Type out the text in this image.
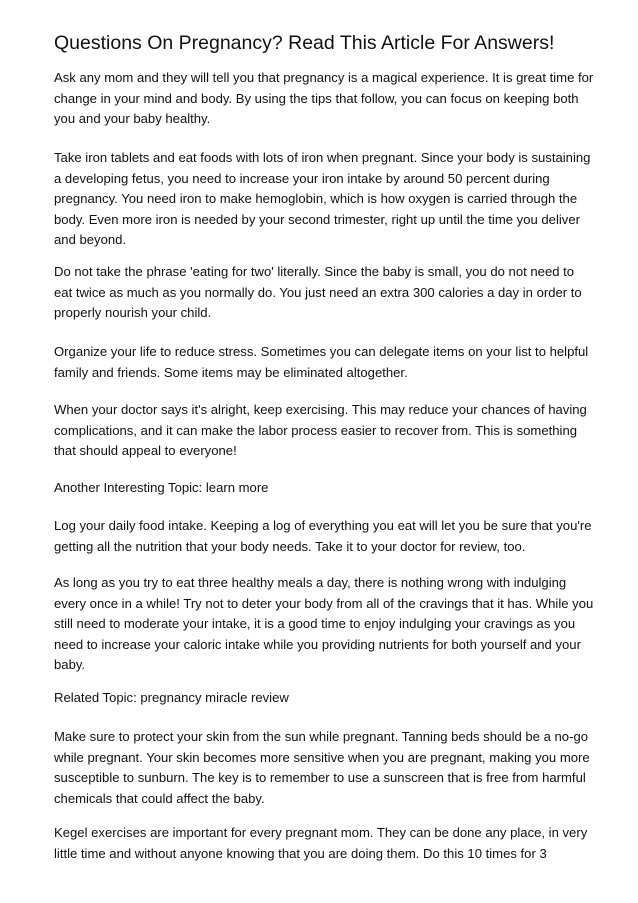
Questions On Pregnancy? Read This Article For Answers!

Ask any mom and they will tell you that pregnancy is a magical experience. It is great time for
change in your mind and body. By using the tips that follow, you can focus on keeping both
you and your baby healthy.

Take iron tablets and eat foods with lots of iron when pregnant. Since your body is sustaining
a developing fetus, you need to increase your iron intake by around 50 percent during
pregnancy. You need iron to make hemoglobin, which is how oxygen is carried through the
body. Even more iron is needed by your second trimester, right up until the time you deliver
and beyond.

Do not take the phrase 'eating for two' literally. Since the baby is small, you do not need to
eat twice as much as you normally do. You just need an extra 300 calories a day in order to
properly nourish your child.

Organize your life to reduce stress. Sometimes you can delegate items on your list to helpful
family and friends. Some items may be eliminated altogether.

When your doctor says it's alright, keep exercising. This may reduce your chances of having
complications, and it can make the labor process easier to recover from. This is something
that should appeal to everyone!

Another Interesting Topic: learn more

Log your daily food intake. Keeping a log of everything you eat will let you be sure that you're
getting all the nutrition that your body needs. Take it to your doctor for review, too.

As long as you try to eat three healthy meals a day, there is nothing wrong with indulging
every once in a while! Try not to deter your body from all of the cravings that it has. While you
still need to moderate your intake, it is a good time to enjoy indulging your cravings as you
need to increase your caloric intake while you providing nutrients for both yourself and your
baby.

Related Topic: pregnancy miracle review

Make sure to protect your skin from the sun while pregnant. Tanning beds should be a no-go
while pregnant. Your skin becomes more sensitive when you are pregnant, making you more
susceptible to sunburn. The key is to remember to use a sunscreen that is free from harmful
chemicals that could affect the baby.

Kegel exercises are important for every pregnant mom. They can be done any place, in very
little time and without anyone knowing that you are doing them. Do this 10 times for 3
